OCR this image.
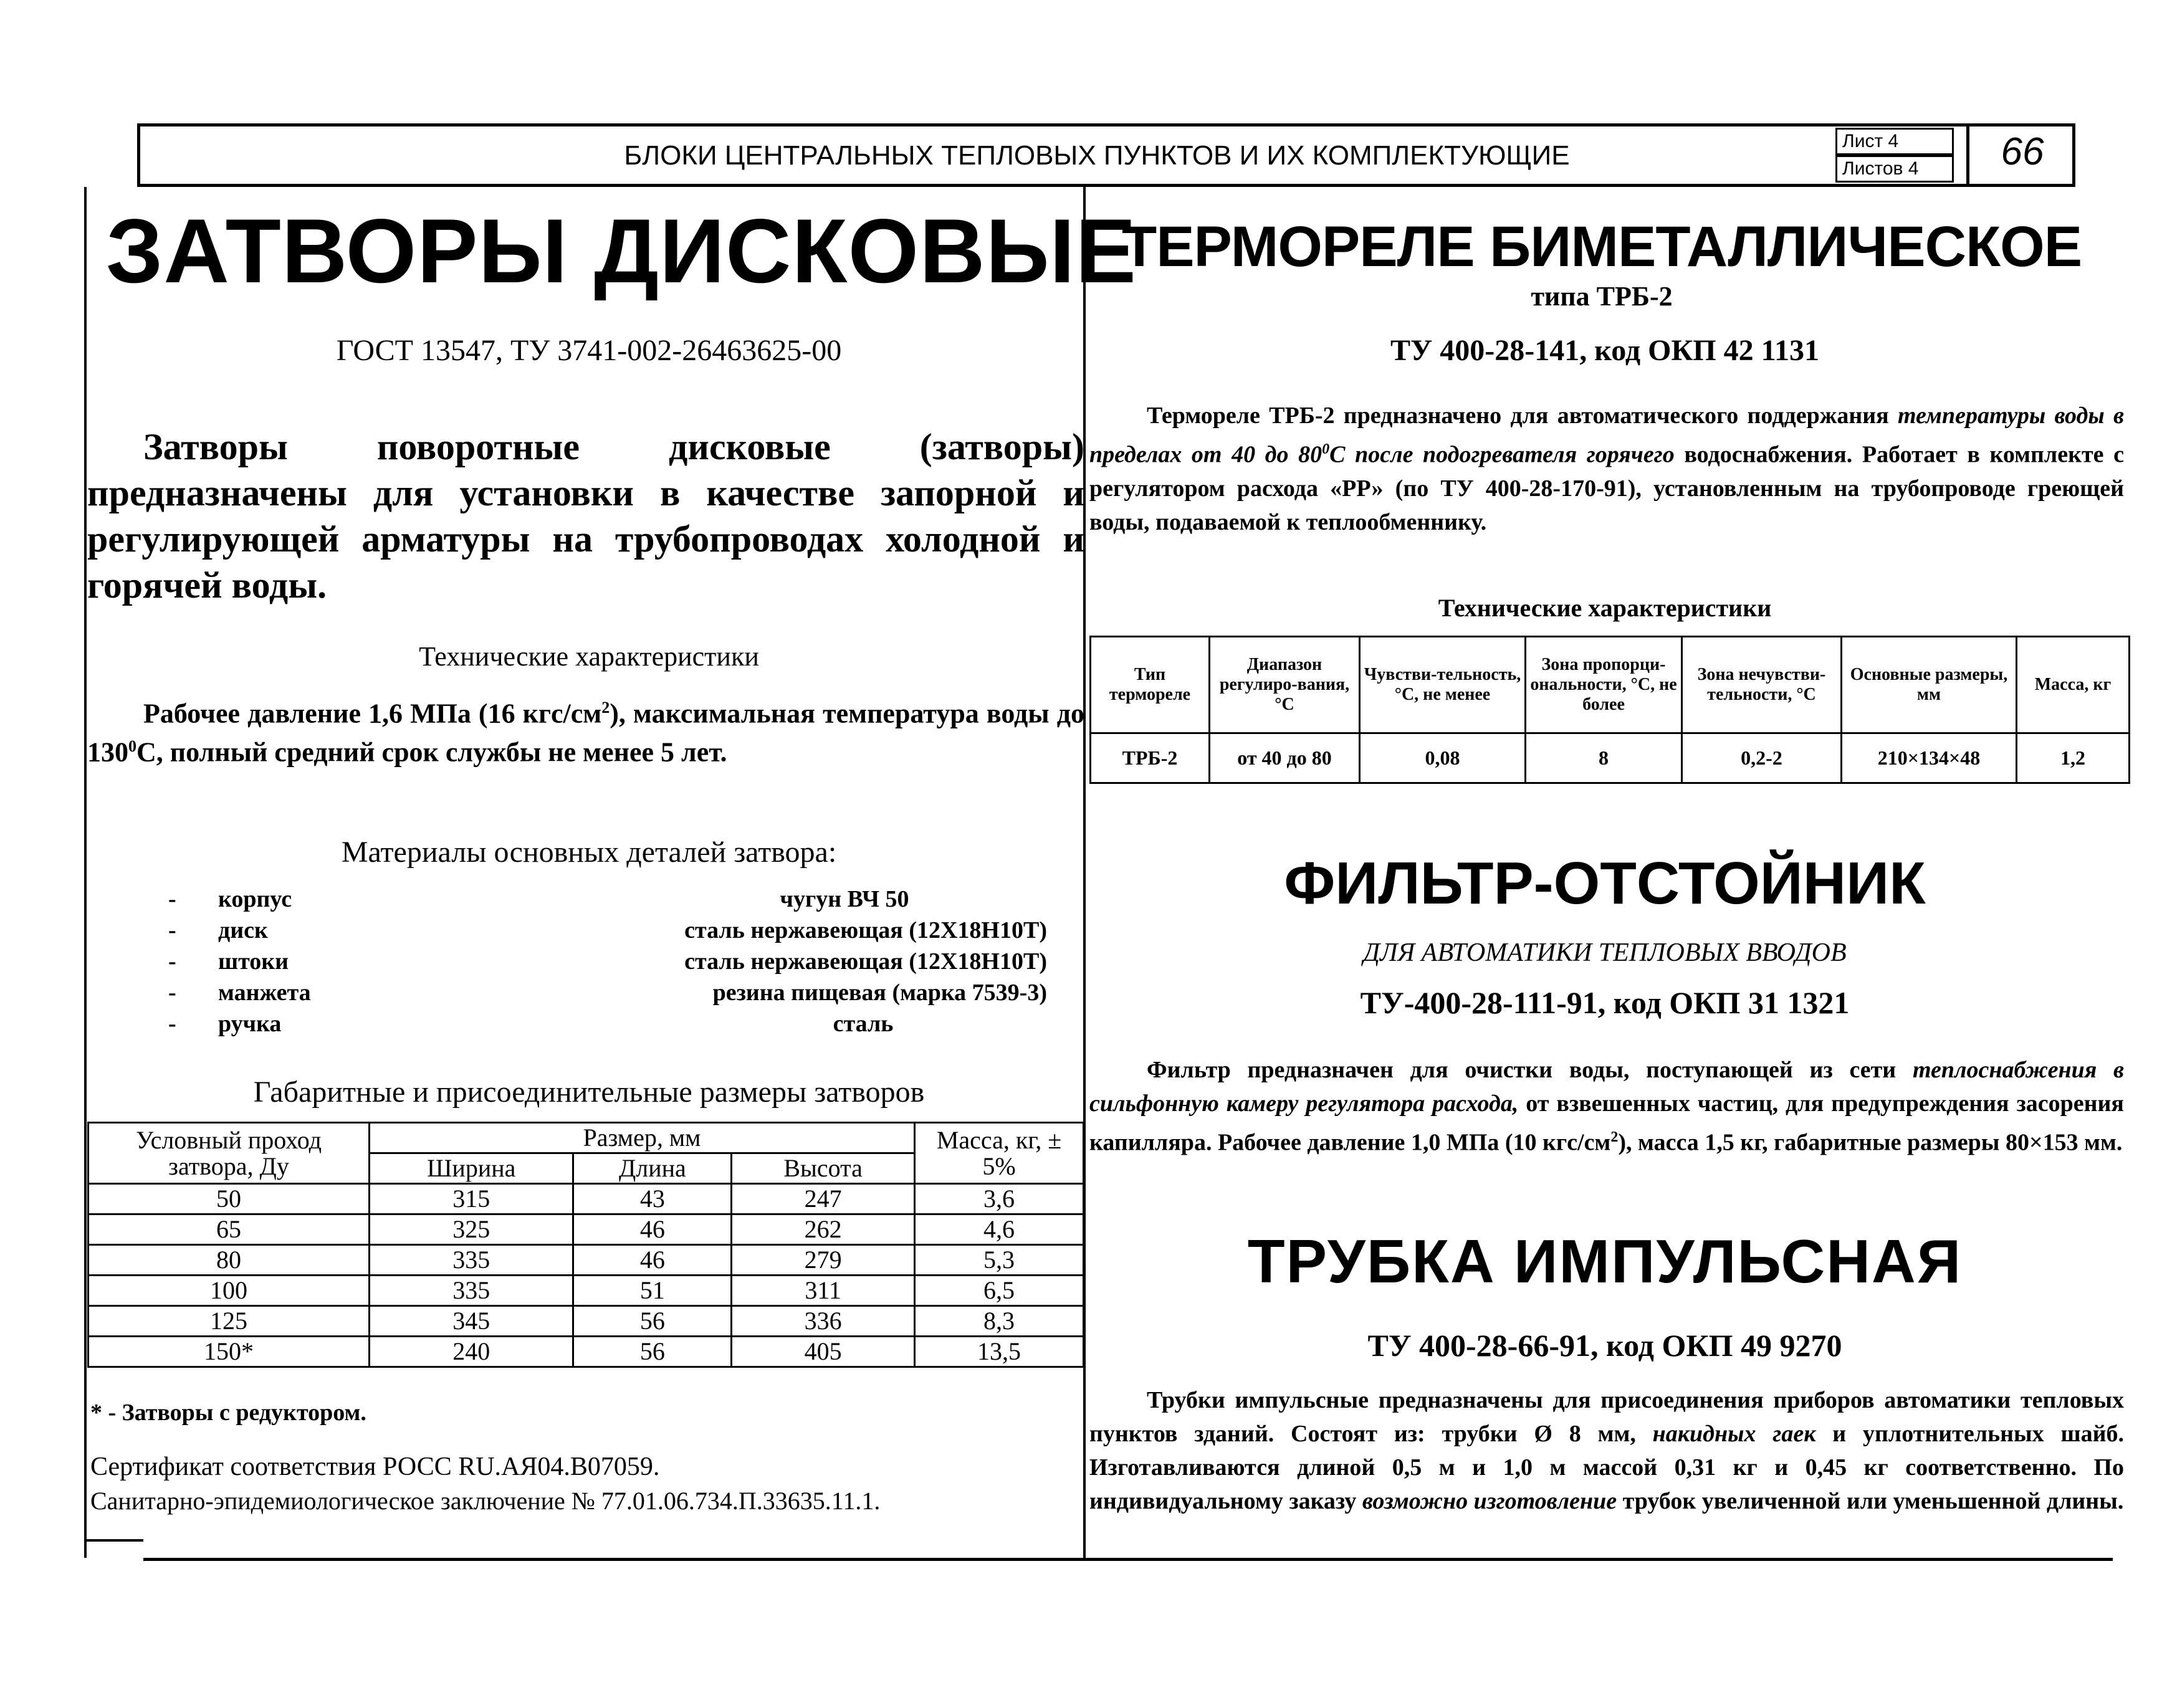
БЛОКИ ЦЕНТРАЛЬНЫХ ТЕПЛОВЫХ ПУНКТОВ И ИХ КОМПЛЕКТУЮЩИЕ	Лист 4
Листов 4	66
ЗАТВОРЫ ДИСКОВЫЕ
ГОСТ 13547, ТУ 3741-002-26463625-00
Затворы поворотные дисковые (затворы) предназначены для установки в качестве запорной и регулирующей арматуры на трубопроводах холодной и горячей воды.
Технические характеристики
Рабочее давление 1,6 МПа (16 кгс/$см^2$), максимальная температура воды до $130^0С$, полный средний срок службы не менее 5 лет.
Материалы основных деталей затвора:
-	корпус	чугун ВЧ 50
-	диск	сталь нержавеющая (12Х18Н10Т)
-	штоки	сталь нержавеющая (12Х18Н10Т)
-	манжета	резина пищевая (марка 7539-3)
-	ручка	сталь
Габаритные и присоединительные размеры затворов
Условный проход затвора, Ду	Размер, мм			Масса, кг, ± 5%
	Ширина	Длина	Высота	
50	315	43	247	3,6
65	325	46	262	4,6
80	335	46	279	5,3
100	335	51	311	6,5
125	345	56	336	8,3
150*	240	56	405	13,5
* - Затворы с редуктором.
Сертификат соответствия РОСС RU.АЯ04.В07059.
Санитарно-эпидемиологическое заключение № 77.01.06.734.П.33635.11.1.
ТЕРМОРЕЛЕ БИМЕТАЛЛИЧЕСКОЕ
типа ТРБ-2
ТУ 400-28-141, код ОКП 42 1131
Термореле ТРБ-2 предназначено для автоматического поддержания температуры воды в пределах от 40 до $80^0С$ после подогревателя горячего водоснабжения. Работает в комплекте с регулятором расхода «РР» (по ТУ 400-28-170-91), установленным на трубопроводе греющей воды, подаваемой к теплообменнику.
Технические характеристики
Тип термореле	Диапазон регулиро-вания, °С	Чувстви-тельность, °С, не менее	Зона пропорци-ональности, °С, не более	Зона нечувстви-тельности, °С	Основные размеры, мм	Масса, кг
ТРБ-2	от 40 до 80	0,08	8	0,2-2	210×134×48	1,2
ФИЛЬТР-ОТСТОЙНИК
ДЛЯ АВТОМАТИКИ ТЕПЛОВЫХ ВВОДОВ
ТУ-400-28-111-91, код ОКП 31 1321
Фильтр предназначен для очистки воды, поступающей из сети теплоснабжения в сильфонную камеру регулятора расхода, от взвешенных частиц, для предупреждения засорения капилляра. Рабочее давление 1,0 МПа (10 кгс/$см^2$), масса 1,5 кг, габаритные размеры 80×153 мм.
ТРУБКА ИМПУЛЬСНАЯ
ТУ 400-28-66-91, код ОКП 49 9270
Трубки импульсные предназначены для присоединения приборов автоматики тепловых пунктов зданий. Состоят из: трубки Ø 8 мм, накидных гаек и уплотнительных шайб. Изготавливаются длиной 0,5 м и 1,0 м массой 0,31 кг и 0,45 кг соответственно. По индивидуальному заказу возможно изготовление трубок увеличенной или уменьшенной длины.
